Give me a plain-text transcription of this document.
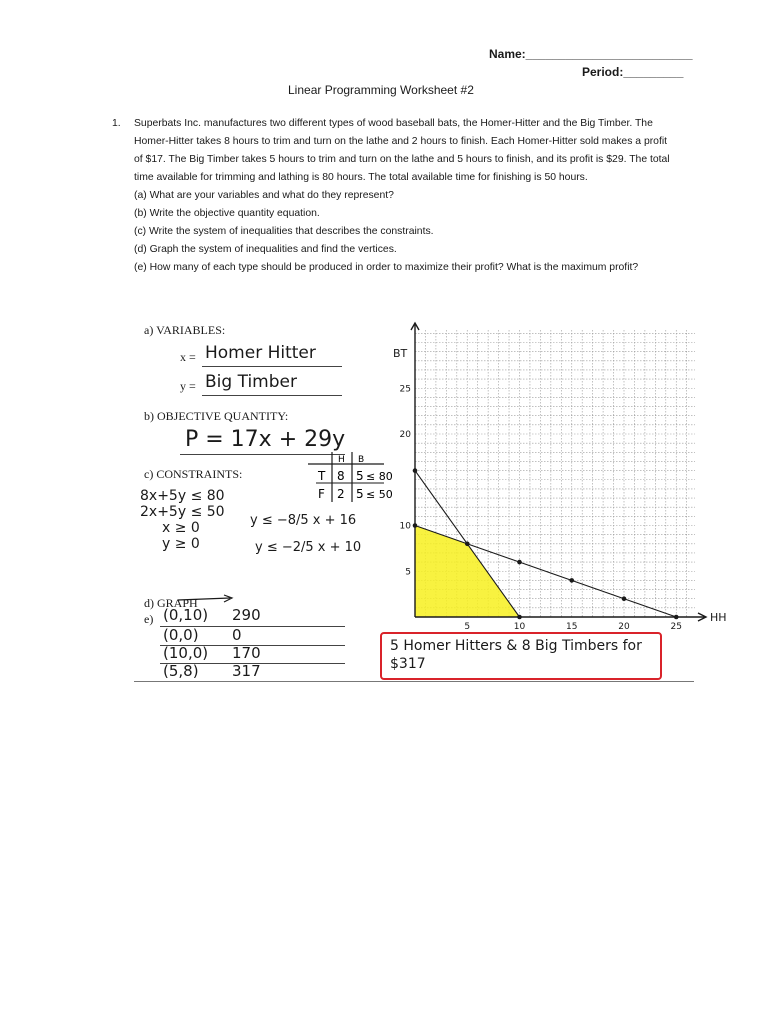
Name:_________________________
Period:_________
Linear Programming Worksheet #2
1. Superbats Inc. manufactures two different types of wood baseball bats, the Homer-Hitter and the Big Timber. The Homer-Hitter takes 8 hours to trim and turn on the lathe and 2 hours to finish. Each Homer-Hitter sold makes a profit of $17. The Big Timber takes 5 hours to trim and turn on the lathe and 5 hours to finish, and its profit is $29. The total time available for trimming and lathing is 80 hours. The total available time for finishing is 50 hours.

(a) What are your variables and what do they represent?

(b) Write the objective quantity equation.

(c) Write the system of inequalities that describes the constraints.

(d) Graph the system of inequalities and find the vertices.

(e) How many of each type should be produced in order to maximize their profit? What is the maximum profit?

a) VARIABLES:
x = Homer Hitter
y = Big Timber
b) OBJECTIVE QUANTITY:
P = 17x + 29y
c) CONSTRAINTS:
8x+5y ≤ 80
2x+5y ≤ 50
x ≥ 0
y ≥ 0
y ≤ −8/5 x + 16
y ≤ −2/5 x + 10
H B
T 8 5 ≤ 80
F 2 5 ≤ 50
d) GRAPH
e) (0,10) 290
(0,0) 0
(10,0) 170
(5,8) 317
5 Homer Hitters & 8 Big Timbers for $317
5	10	15	20	25
5
10
20
25
BT
HH
